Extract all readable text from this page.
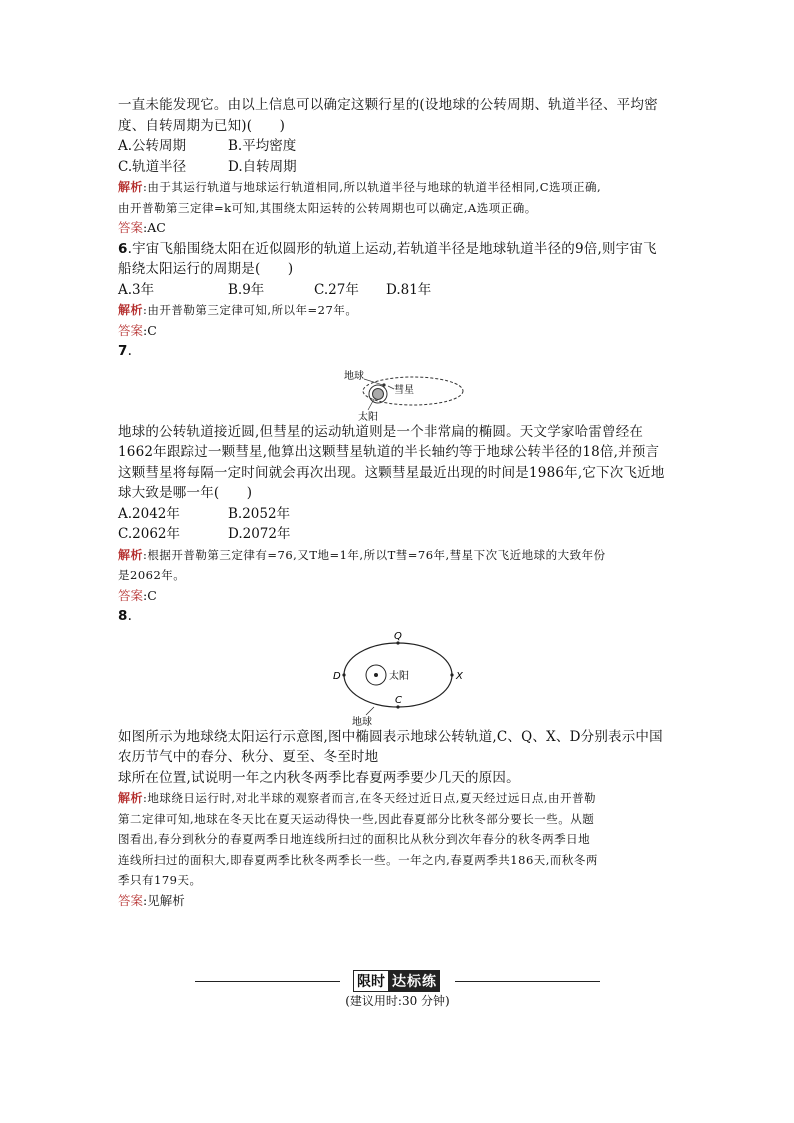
一直未能发现它。由以上信息可以确定这颗行星的(设地球的公转周期、轨道半径、平均密
度、自转周期为已知)(　　)
A.公转周期	B.平均密度
C.轨道半径	D.自转周期
解析:由于其运行轨道与地球运行轨道相同,所以轨道半径与地球的轨道半径相同,C选项正确,
由开普勒第三定律=k可知,其围绕太阳运转的公转周期也可以确定,A选项正确。
答案:AC
6.宇宙飞船围绕太阳在近似圆形的轨道上运动,若轨道半径是地球轨道半径的9倍,则宇宙飞
船绕太阳运行的周期是(　　)
A.3年	B.9年	C.27年	D.81年
解析:由开普勒第三定律可知,所以年=27年。
答案:C
7.
地球
彗星
太阳
地球的公转轨道接近圆,但彗星的运动轨道则是一个非常扁的椭圆。天文学家哈雷曾经在
1662年跟踪过一颗彗星,他算出这颗彗星轨道的半长轴约等于地球公转半径的18倍,并预言
这颗彗星将每隔一定时间就会再次出现。这颗彗星最近出现的时间是1986年,它下次飞近地
球大致是哪一年(　　)
A.2042年	B.2052年
C.2062年	D.2072年
解析:根据开普勒第三定律有=76,又T地=1年,所以T彗=76年,彗星下次飞近地球的大致年份
是2062年。
答案:C
8.
Q
D	X
C
太阳
地球
如图所示为地球绕太阳运行示意图,图中椭圆表示地球公转轨道,C、Q、X、D分别表示中国
农历节气中的春分、秋分、夏至、冬至时地
球所在位置,试说明一年之内秋冬两季比春夏两季要少几天的原因。
解析:地球绕日运行时,对北半球的观察者而言,在冬天经过近日点,夏天经过远日点,由开普勒
第二定律可知,地球在冬天比在夏天运动得快一些,因此春夏部分比秋冬部分要长一些。从题
图看出,春分到秋分的春夏两季日地连线所扫过的面积比从秋分到次年春分的秋冬两季日地
连线所扫过的面积大,即春夏两季比秋冬两季长一些。一年之内,春夏两季共186天,而秋冬两
季只有179天。
答案:见解析
限时 达标练
(建议用时:30 分钟)
